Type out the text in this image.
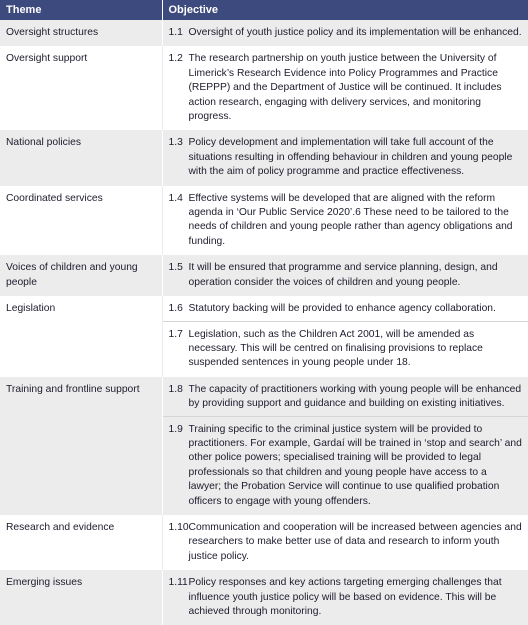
Theme	Objective
Oversight structures	1.1 Oversight of youth justice policy and its implementation will be enhanced.

Oversight support	1.2 The research partnership on youth justice between the University of Limerick’s Research Evidence into Policy Programmes and Practice (REPPP) and the Department of Justice will be continued. It includes action research, engaging with delivery services, and monitoring progress.

National policies	1.3 Policy development and implementation will take full account of the situations resulting in offending behaviour in children and young people with the aim of policy programme and practice effectiveness.

Coordinated services	1.4 Effective systems will be developed that are aligned with the reform agenda in ‘Our Public Service 2020’.6 These need to be tailored to the needs of children and young people rather than agency obligations and funding.

Voices of children and young people	1.5 It will be ensured that programme and service planning, design, and operation consider the voices of children and young people.

Legislation	1.6 Statutory backing will be provided to enhance agency collaboration.
1.7 Legislation, such as the Children Act 2001, will be amended as necessary. This will be centred on finalising provisions to replace suspended sentences in young people under 18.

Training and frontline support	1.8 The capacity of practitioners working with young people will be enhanced by providing support and guidance and building on existing initiatives.
1.9 Training specific to the criminal justice system will be provided to practitioners. For example, Gardaí will be trained in ‘stop and search’ and other police powers; specialised training will be provided to legal professionals so that children and young people have access to a lawyer; the Probation Service will continue to use qualified probation officers to engage with young offenders.

Research and evidence	1.10 Communication and cooperation will be increased between agencies and researchers to make better use of data and research to inform youth justice policy.

Emerging issues	1.11 Policy responses and key actions targeting emerging challenges that influence youth justice policy will be based on evidence. This will be achieved through monitoring.
